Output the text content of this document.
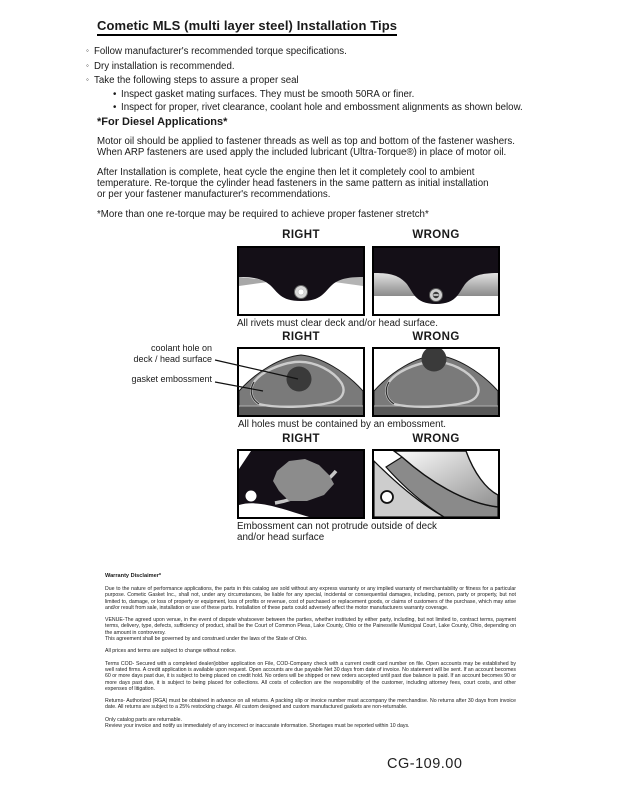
Cometic MLS (multi layer steel) Installation Tips
◦ Follow manufacturer's recommended torque specifications.
◦ Dry installation is recommended.
◦ Take the following steps to assure a proper seal
• Inspect gasket mating surfaces. They must be smooth 50RA or finer.
• Inspect for proper, rivet clearance, coolant hole and embossment alignments as shown below.
*For Diesel Applications*
Motor oil should be applied to fastener threads as well as top and bottom of the fastener washers.
When ARP fasteners are used apply the included lubricant (Ultra-Torque®) in place of motor oil.
After Installation is complete, heat cycle the engine then let it completely cool to ambient
temperature. Re-torque the cylinder head fasteners in the same pattern as initial installation
or per your fastener manufacturer's recommendations.
*More than one re-torque may be required to achieve proper fastener stretch*
RIGHT	WRONG
All rivets must clear deck and/or head surface.
RIGHT	WRONG
coolant hole on
deck / head surface
gasket embossment
All holes must be contained by an embossment.
RIGHT	WRONG
Embossment can not protrude outside of deck
and/or head surface
Warranty Disclaimer*

Due to the nature of performance applications, the parts in this catalog are sold without any express warranty or any implied warranty of merchantability or fitness for a particular purpose. Cometic Gasket Inc., shall not, under any circumstances, be liable for any special, incidental or consequential damages, including, person, party or property, but not limited to, damage, or loss of property or equipment, loss of profits or revenue, cost of purchased or replacement goods, or claims of customers of the purchase, which may arise and/or result from sale, installation or use of these parts. Installation of these parts could adversely affect the motor manufacturers warranty coverage.

VENUE-The agreed upon venue, in the event of dispute whatsoever between the parties, whether instituted by either party, including, but not limited to, contract terms, payment terms, delivery, type, defects, sufficiency of product, shall be the Court of Common Pleas, Lake County, Ohio or the Painesville Municipal Court, Lake County, Ohio, depending on the amount in controversy.

This agreement shall be governed by and construed under the laws of the State of Ohio.

All prices and terms are subject to change without notice.

Terms COD- Secured with a completed dealer/jobber application on File, COD-Company check with a current credit card number on file. Open accounts may be established by well rated firms. A credit application is available upon request. Open accounts are due payable Net 30 days from date of invoice. No statement will be sent. If an account becomes 60 or more days past due, it is subject to being placed on credit hold. No orders will be shipped or new orders accepted until past due balance is paid. If an account becomes 90 or more days past due, it is subject to being placed for collections. All costs of collection are the responsibility of the customer, including attorney fees, court costs, and other expenses of litigation.

Returns- Authorized (RGA) must be obtained in advance on all returns. A packing slip or invoice number must accompany the merchandise. No returns after 30 days from invoice date. All returns are subject to a 25% restocking charge. All custom designed and custom manufactured gaskets are non-returnable.

Only catalog parts are returnable.

Review your invoice and notify us immediately of any incorrect or inaccurate information. Shortages must be reported within 10 days.

CG-109.00
